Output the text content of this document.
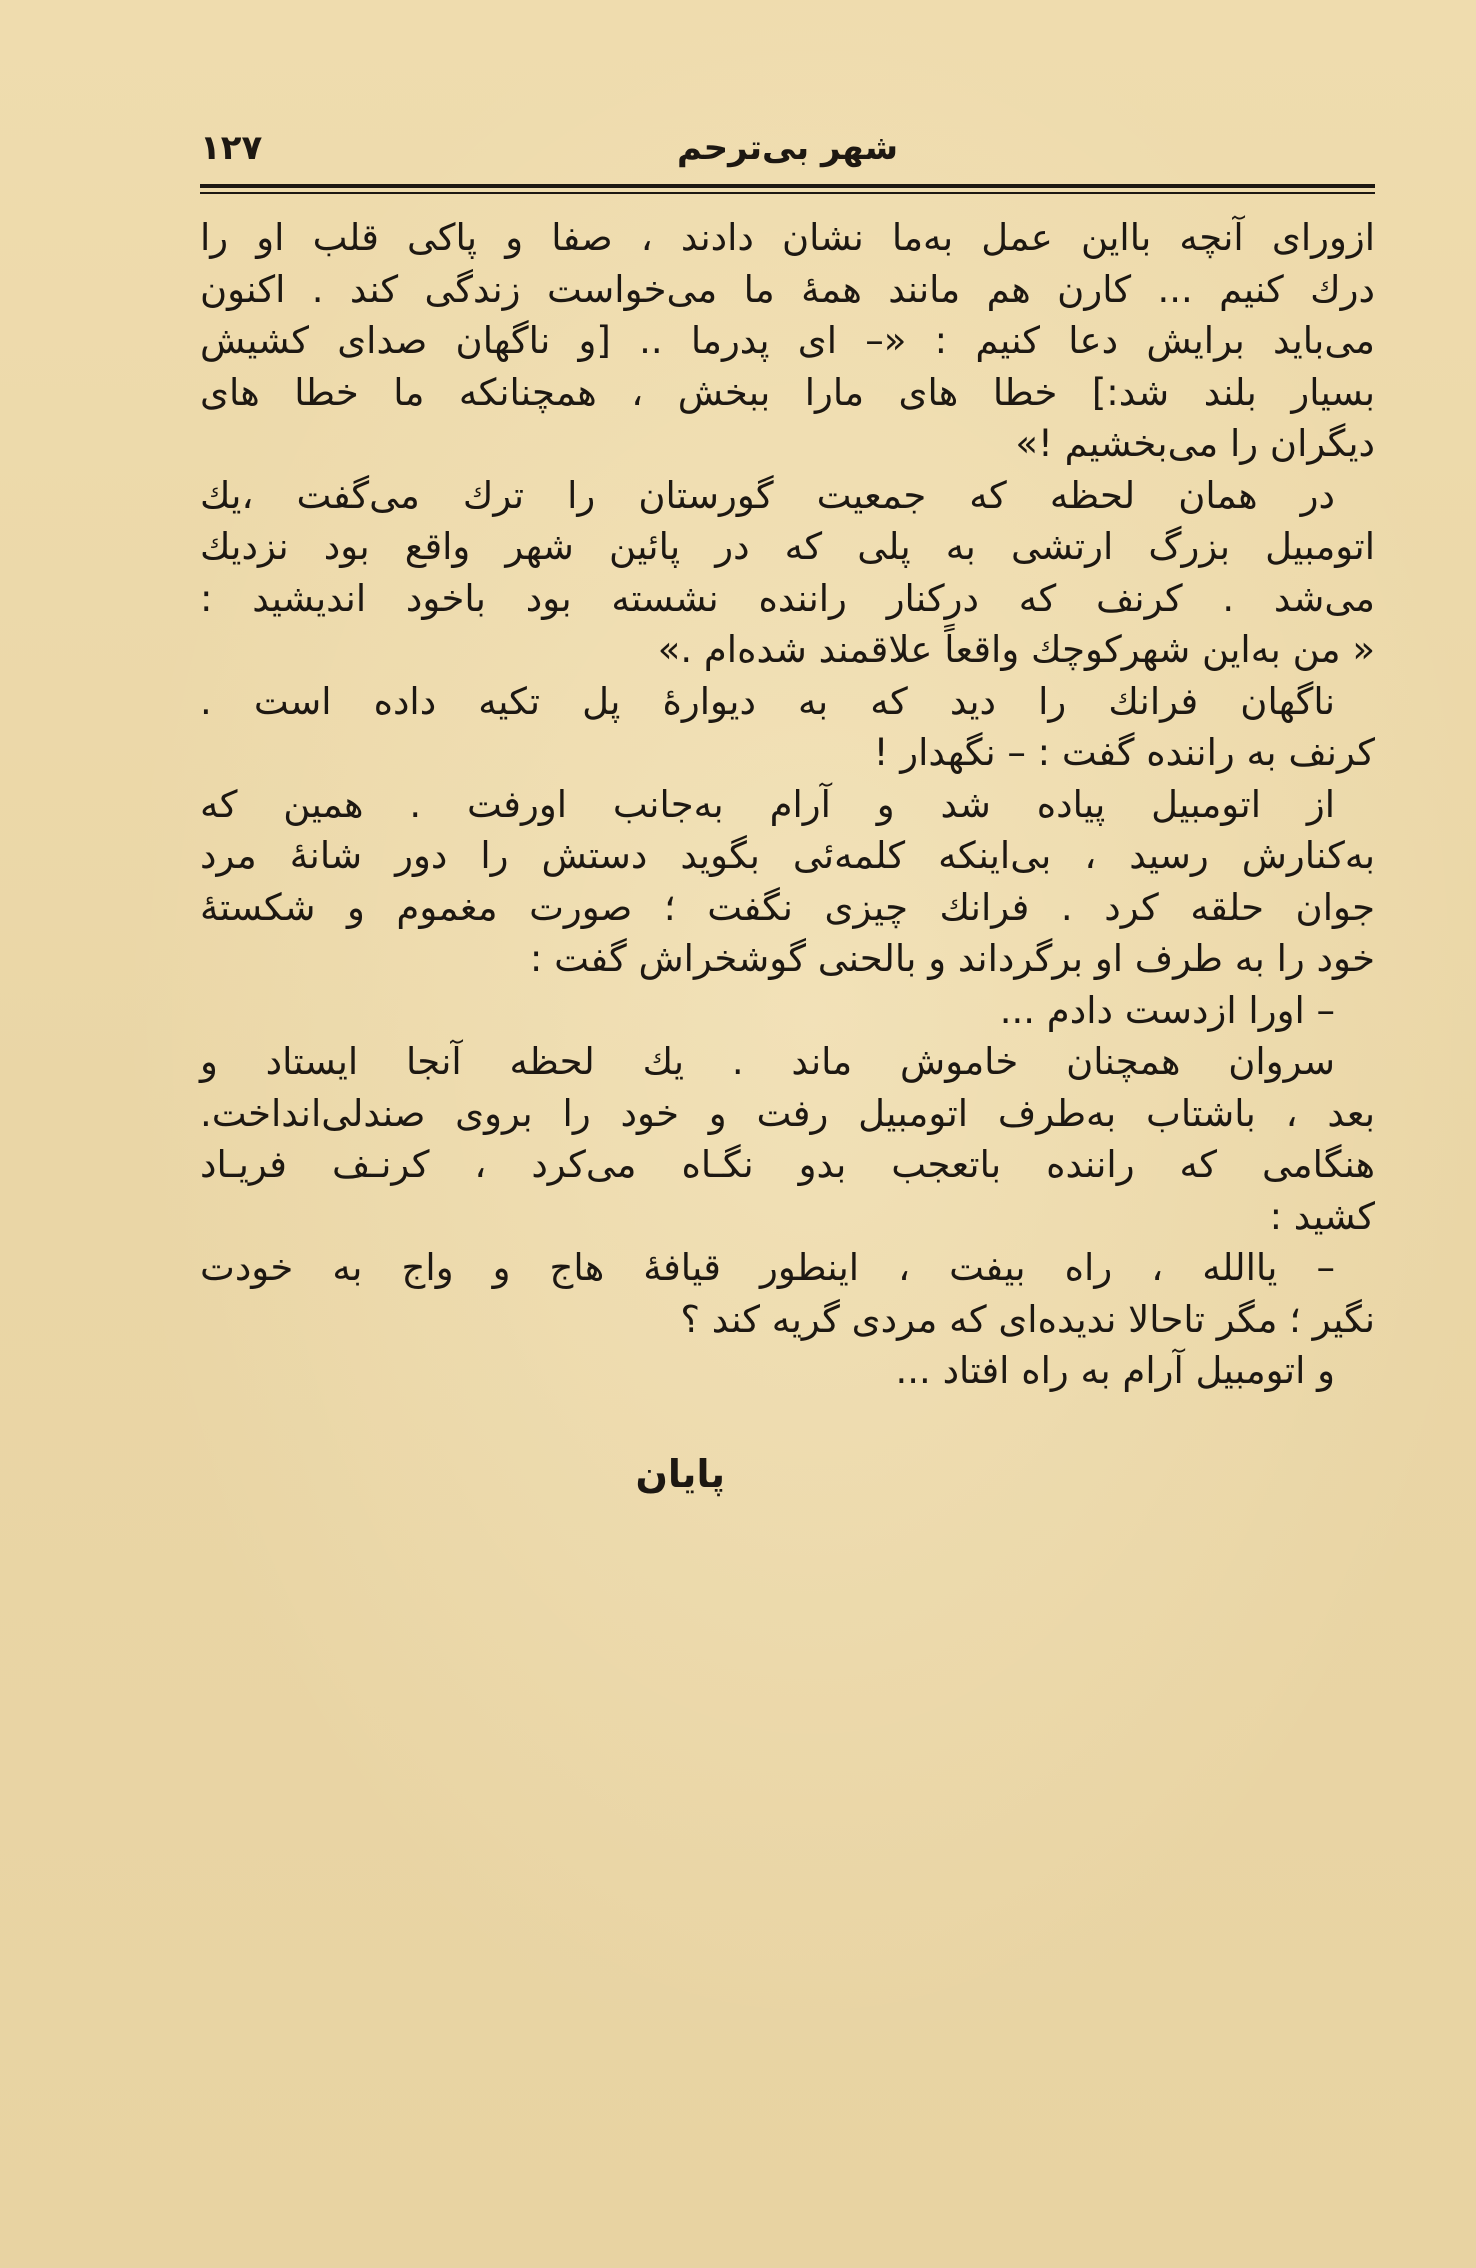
۱۲۷	شهر بی‌ترحم
ازورای آنچه بااین عمل به‌ما نشان دادند ، صفا و پاکی قلب او را
درك کنیم ... کارن هم مانند همهٔ ما می‌خواست زندگی کند . اکنون
می‌باید برایش دعا کنیم : «– ای پدرما .. [و ناگهان صدای کشیش
بسیار بلند شد:] خطا های مارا ببخش ، همچنانکه ما خطا های
دیگران را می‌بخشیم !»
در همان لحظه که جمعیت گورستان را ترك می‌گفت ،یك
اتومبیل بزرگ ارتشی به پلی که در پائین شهر واقع بود نزدیك
می‌شد . کرنف که درکنار راننده نشسته بود باخود اندیشید :
« من به‌این شهرکوچك واقعاً علاقمند شده‌ام .»
ناگهان فرانك را دید که به دیوارهٔ پل تکیه داده است .
کرنف به راننده گفت : – نگهدار !
از اتومبیل پیاده شد و آرام به‌جانب اورفت . همین که
به‌کنارش رسید ، بی‌اینکه کلمه‌ئی بگوید دستش را دور شانهٔ مرد
جوان حلقه کرد . فرانك چیزی نگفت ؛ صورت مغموم و شکستهٔ
خود را به طرف او برگرداند و بالحنی گوشخراش گفت :
– اورا ازدست دادم ...
سروان همچنان خاموش ماند . یك لحظه آنجا ایستاد و
بعد ، باشتاب به‌طرف اتومبیل رفت و خود را بروی صندلی‌انداخت.
هنگامی که راننده باتعجب بدو نگـاه می‌کرد ، کرنـف فریـاد
کشید :
– یاالله ، راه بیفت ، اینطور قیافهٔ هاج و واج به خودت
نگیر ؛ مگر تاحالا ندیده‌ای که مردی گریه کند ؟
و اتومبیل آرام به راه افتاد ...
پایان
